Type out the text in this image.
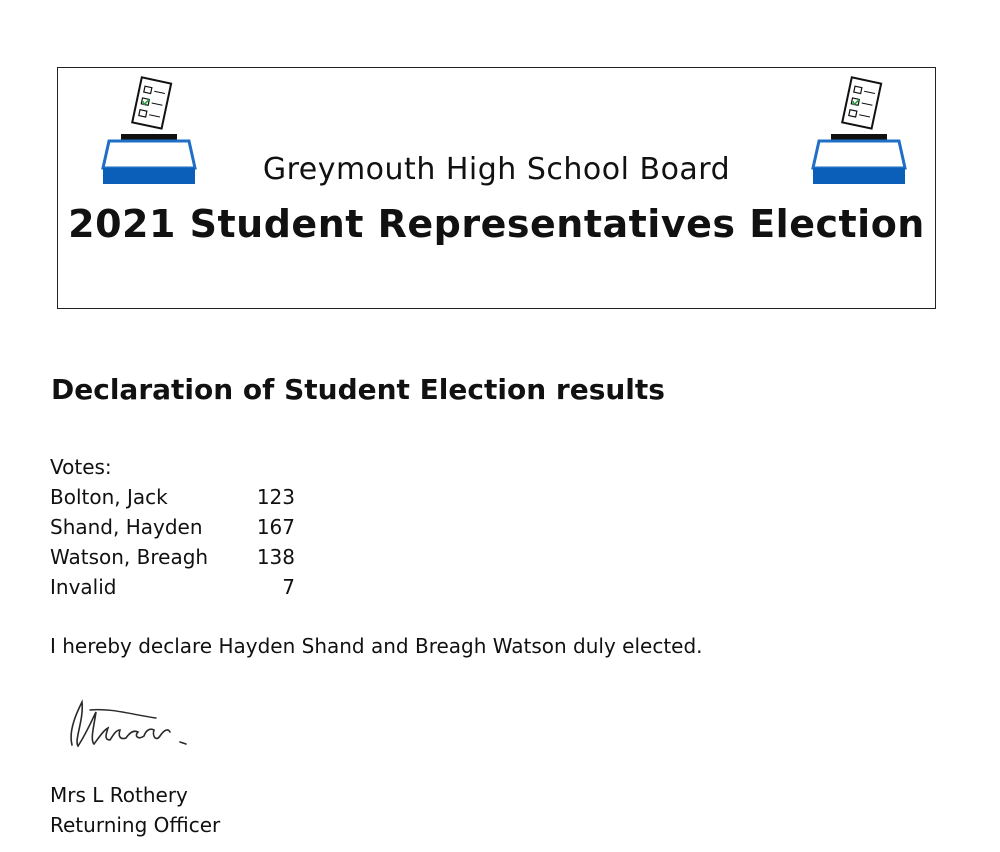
Greymouth High School Board
2021 Student Representatives Election
Declaration of Student Election results
Votes:
Bolton, Jack	123
Shand, Hayden	167
Watson, Breagh 138
Invalid	7
I hereby declare Hayden Shand and Breagh Watson duly elected.
Mrs L Rothery
Returning Officer
